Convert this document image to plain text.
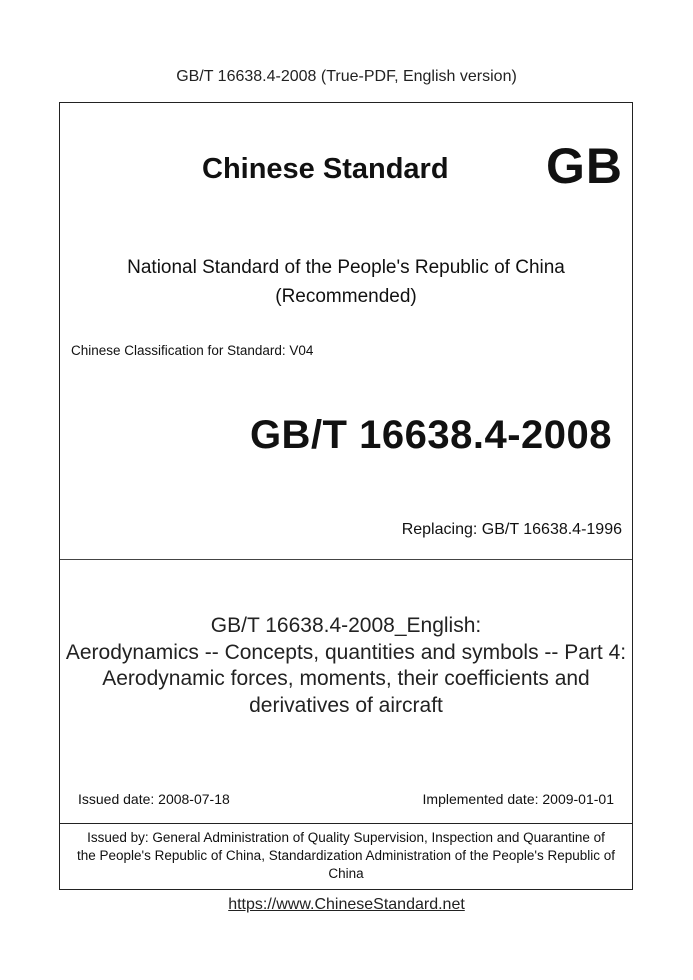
GB/T 16638.4-2008 (True-PDF, English version)
Chinese Standard GB
National Standard of the People's Republic of China
(Recommended)
Chinese Classification for Standard: V04
GB/T 16638.4-2008
Replacing: GB/T 16638.4-1996
GB/T 16638.4-2008_English:
Aerodynamics -- Concepts, quantities and symbols -- Part 4:
Aerodynamic forces, moments, their coefficients and
derivatives of aircraft
Issued date: 2008-07-18	Implemented date: 2009-01-01
Issued by: General Administration of Quality Supervision, Inspection and Quarantine of
the People's Republic of China, Standardization Administration of the People's Republic of
China
https://www.ChineseStandard.net
